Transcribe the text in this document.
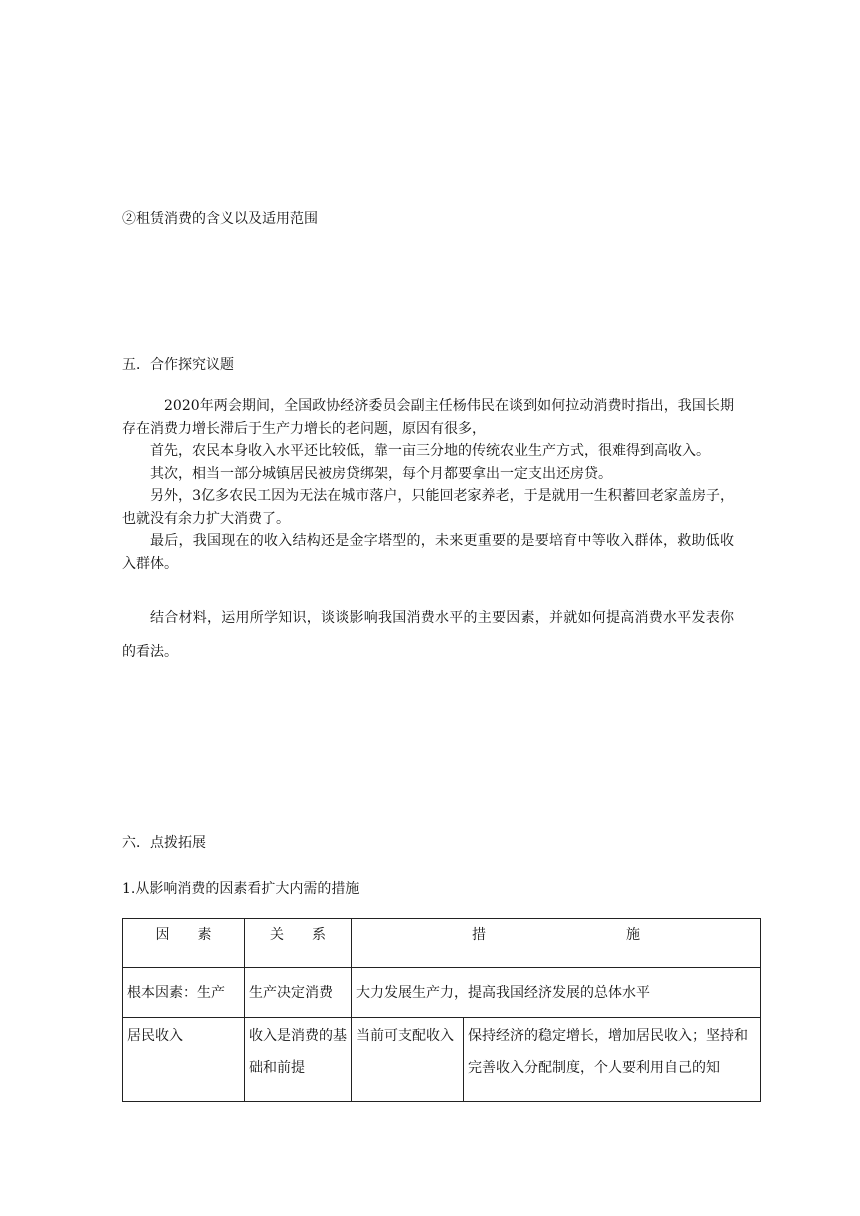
②租赁消费的含义以及适用范围
五．合作探究议题

2020年两会期间，全国政协经济委员会副主任杨伟民在谈到如何拉动消费时指出，我国长期存在消费力增长滞后于生产力增长的老问题，原因有很多，

首先，农民本身收入水平还比较低，靠一亩三分地的传统农业生产方式，很难得到高收入。

其次，相当一部分城镇居民被房贷绑架，每个月都要拿出一定支出还房贷。

另外，3亿多农民工因为无法在城市落户，只能回老家养老，于是就用一生积蓄回老家盖房子，也就没有余力扩大消费了。

最后，我国现在的收入结构还是金字塔型的，未来更重要的是要培育中等收入群体，救助低收入群体。

结合材料，运用所学知识，谈谈影响我国消费水平的主要因素，并就如何提高消费水平发表你的看法。
六．点拨拓展
1.从影响消费的因素看扩大内需的措施
因　　素	关　　系	措　　　　　　　　　　施	
根本因素：生产	生产决定消费	大力发展生产力，提高我国经济发展的总体水平	
居民收入	收入是消费的基础和前提	当前可支配收入	保持经济的稳定增长，增加居民收入；坚持和完善收入分配制度，个人要利用自己的知
